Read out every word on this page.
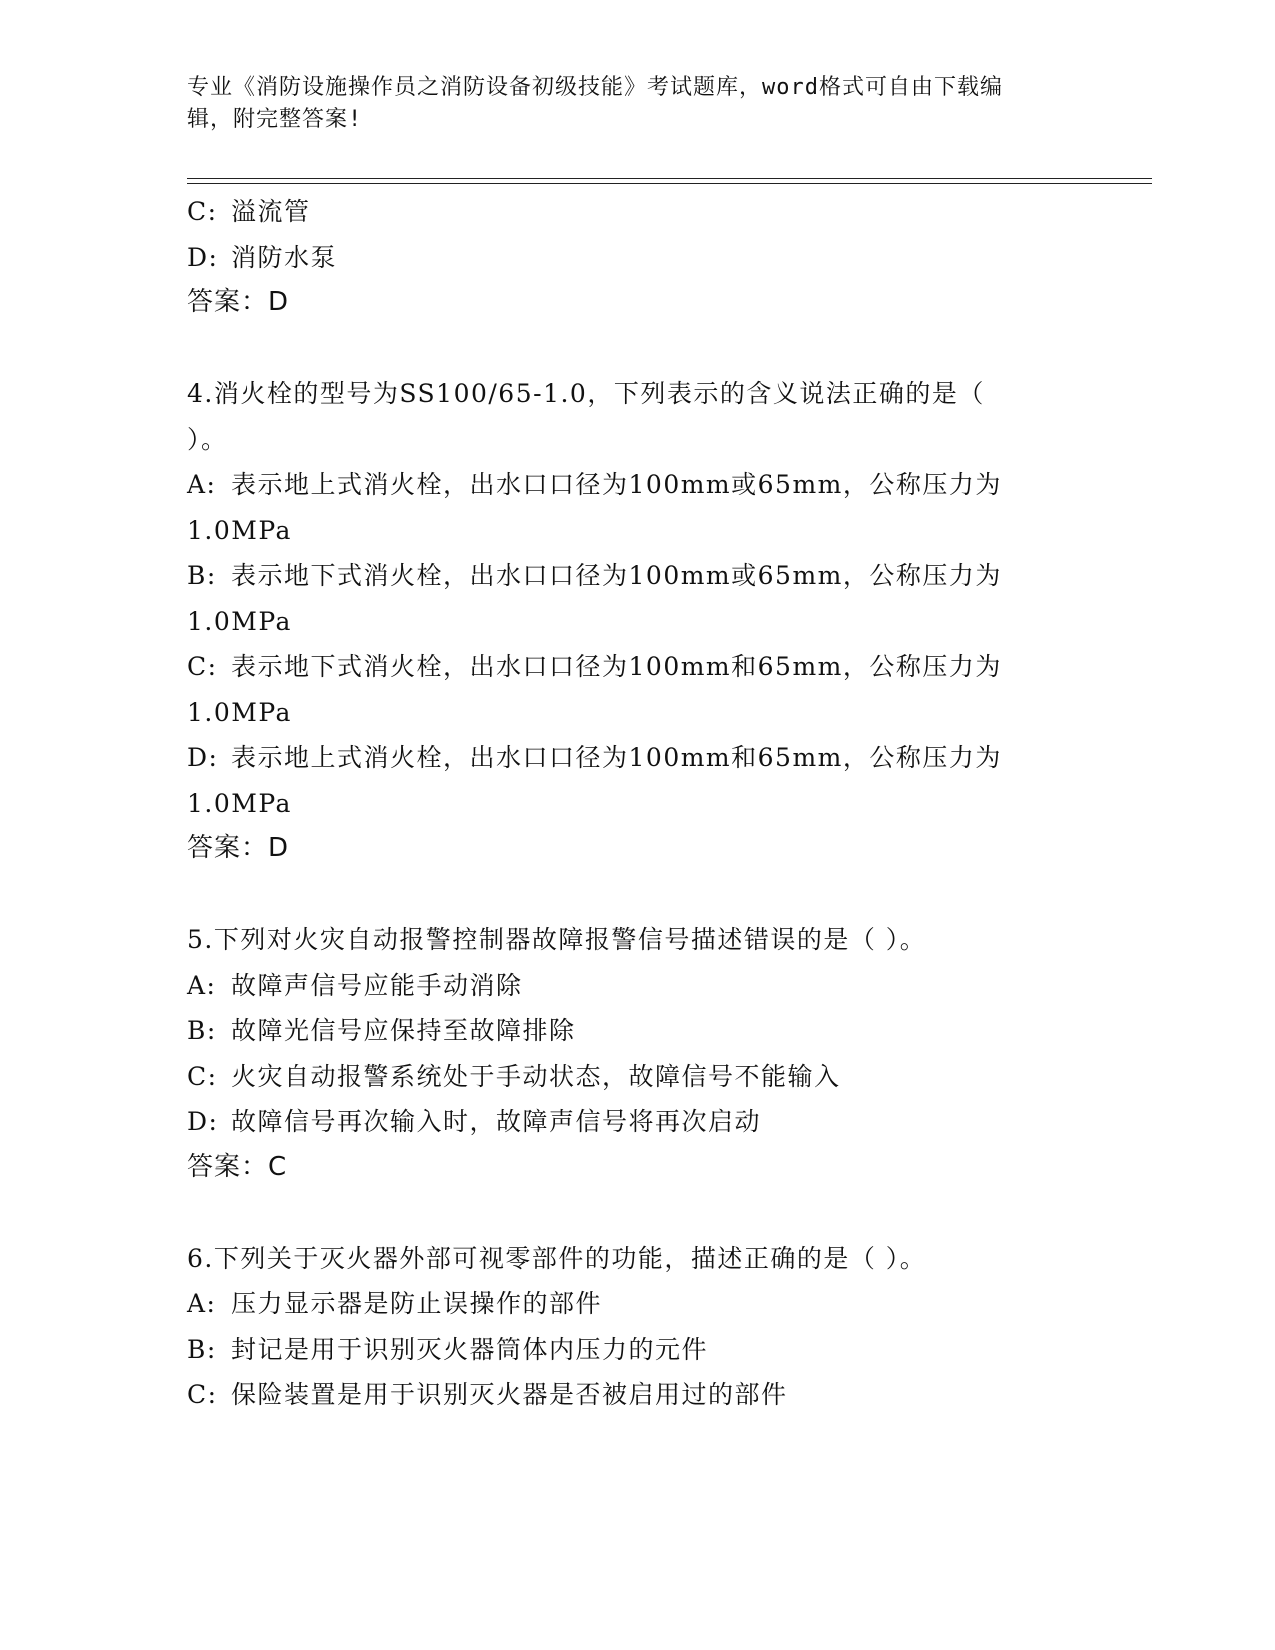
专业《消防设施操作员之消防设备初级技能》考试题库，word格式可自由下载编
辑，附完整答案!
C: 溢流管
D: 消防水泵
答案：D
4.消火栓的型号为SS100/65-1.0，下列表示的含义说法正确的是（
）。
A: 表示地上式消火栓，出水口口径为100mm或65mm，公称压力为
1.0MPa
B: 表示地下式消火栓，出水口口径为100mm或65mm，公称压力为
1.0MPa
C: 表示地下式消火栓，出水口口径为100mm和65mm，公称压力为
1.0MPa
D: 表示地上式消火栓，出水口口径为100mm和65mm，公称压力为
1.0MPa
答案：D
5.下列对火灾自动报警控制器故障报警信号描述错误的是（ ）。
A: 故障声信号应能手动消除
B: 故障光信号应保持至故障排除
C: 火灾自动报警系统处于手动状态，故障信号不能输入
D: 故障信号再次输入时，故障声信号将再次启动
答案：C
6.下列关于灭火器外部可视零部件的功能，描述正确的是（ ）。
A: 压力显示器是防止误操作的部件
B: 封记是用于识别灭火器筒体内压力的元件
C: 保险装置是用于识别灭火器是否被启用过的部件
